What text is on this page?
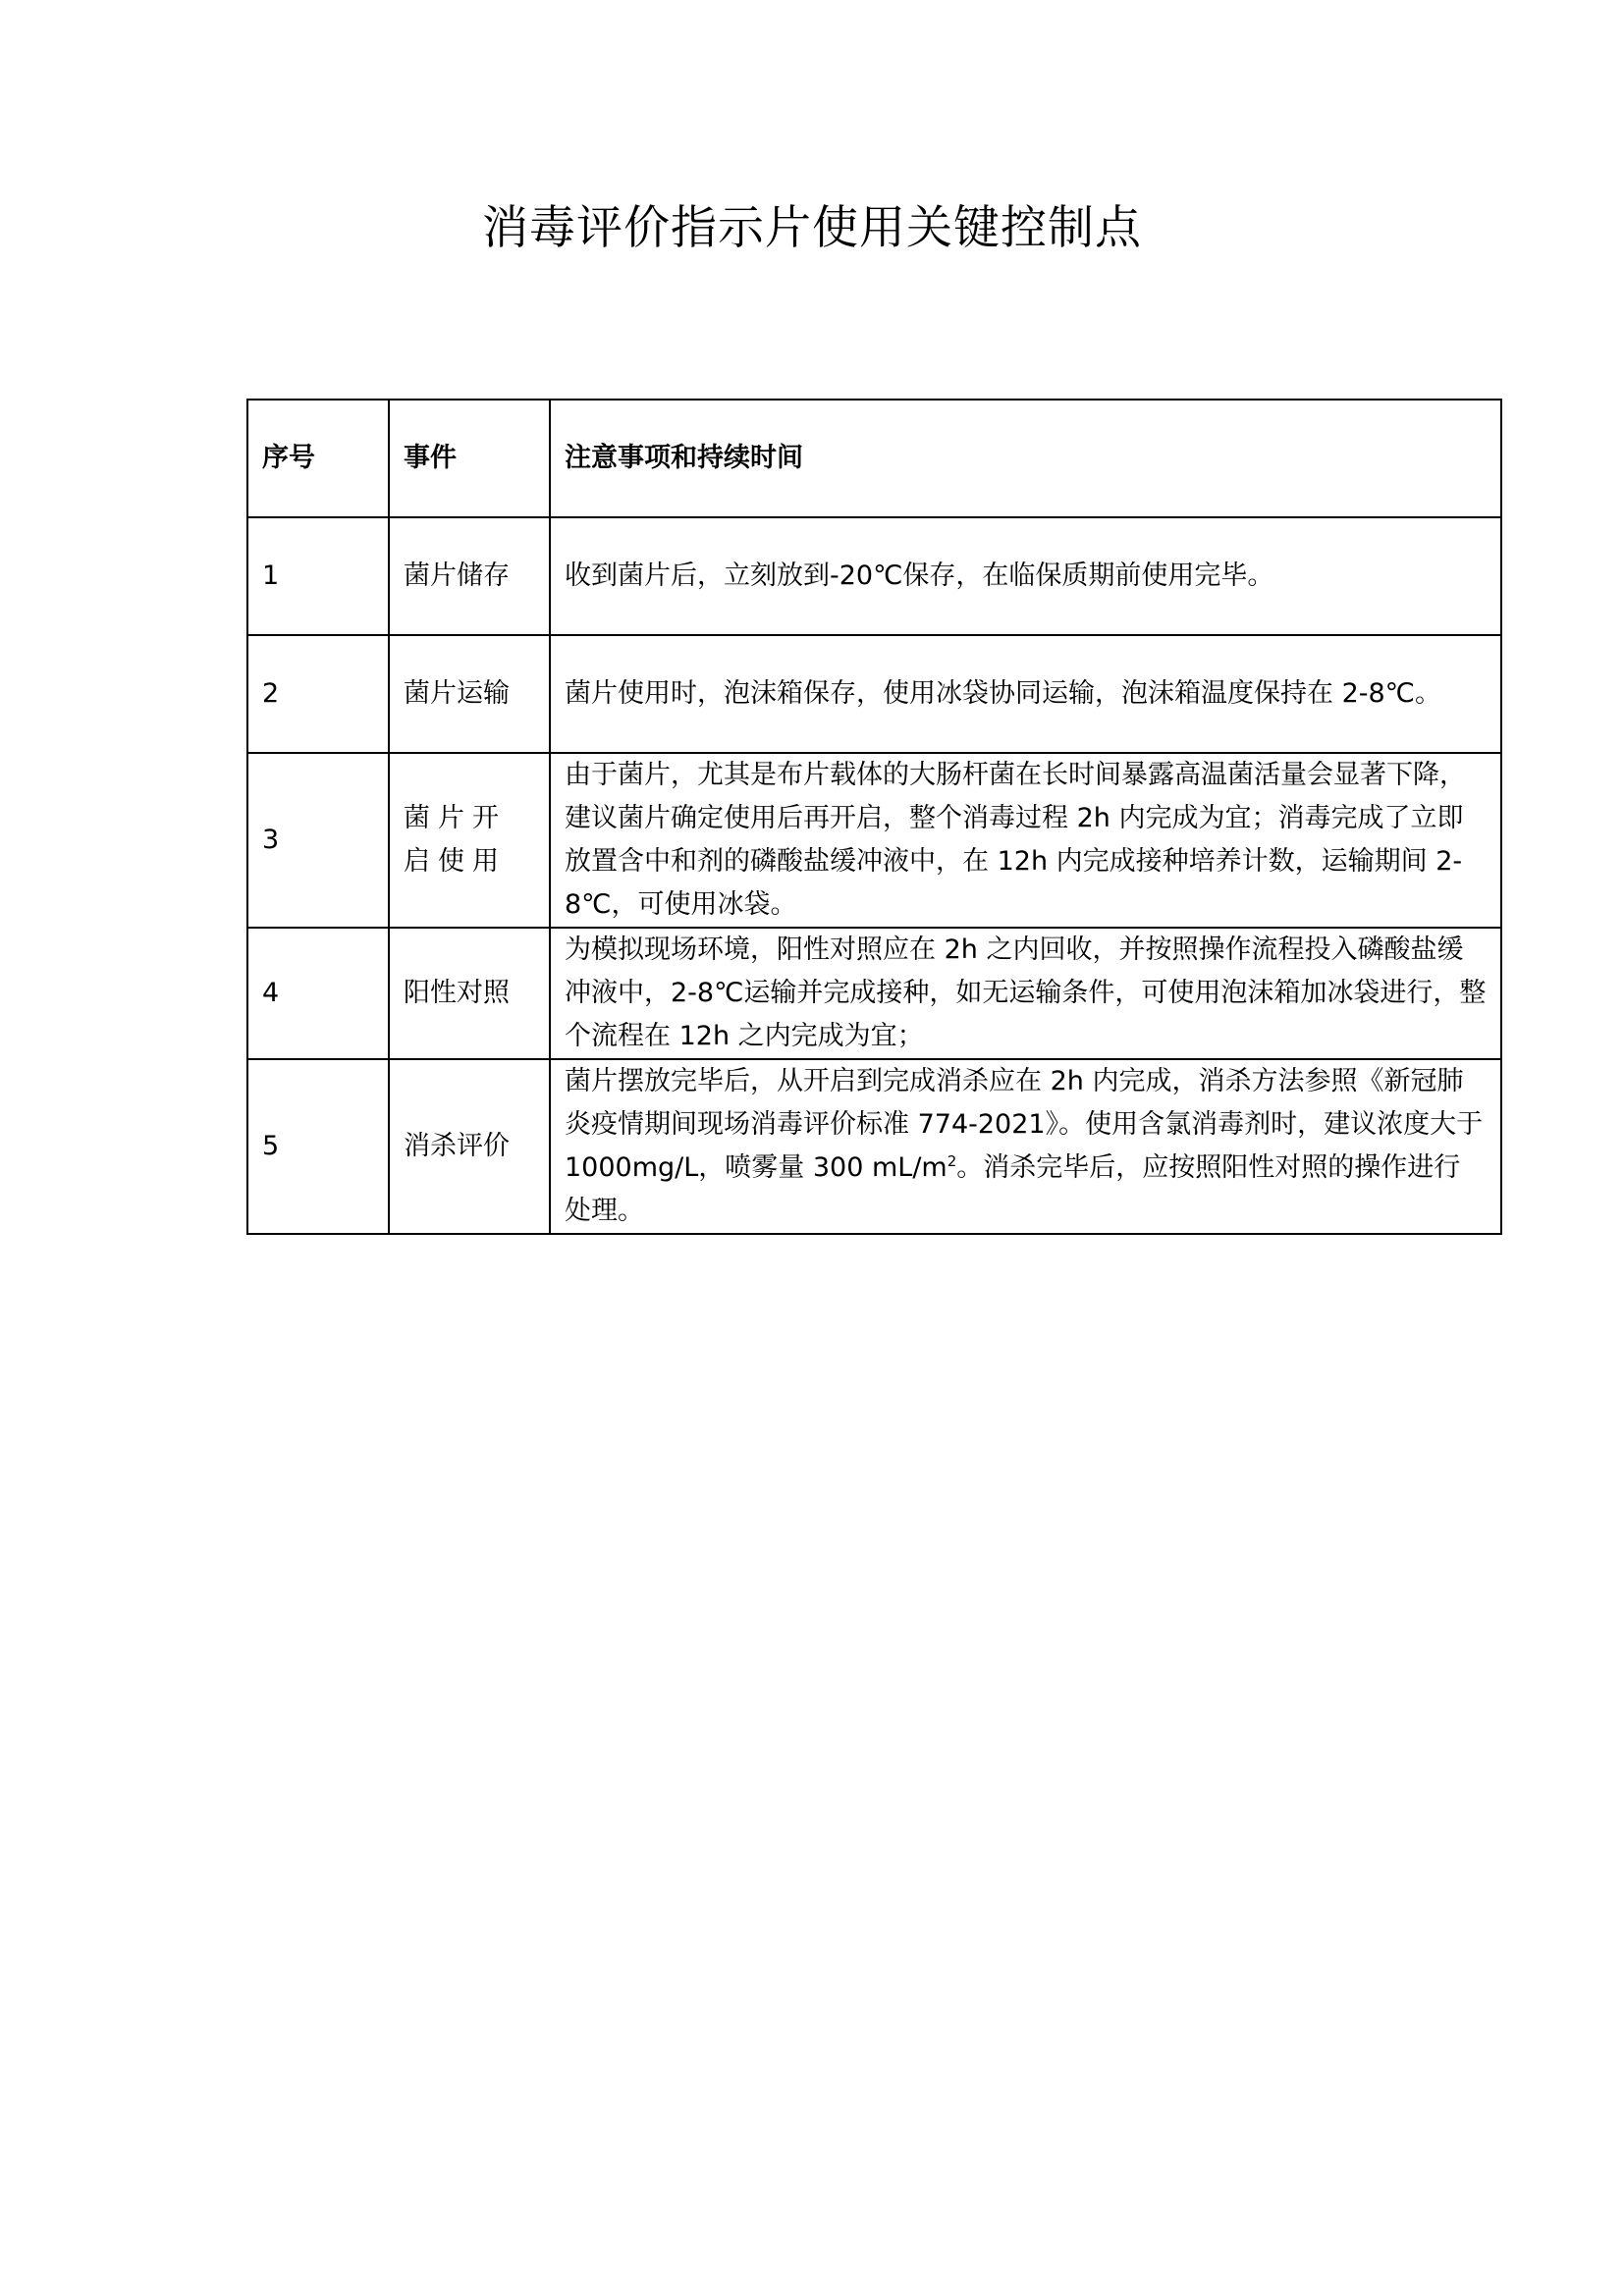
消毒评价指示片使用关键控制点
序号	事件	注意事项和持续时间
1	菌片储存	收到菌片后，立刻放到-20℃保存，在临保质期前使用完毕。
2	菌片运输	菌片使用时，泡沫箱保存，使用冰袋协同运输，泡沫箱温度保持在 2-8℃。
3	菌片开启使用	由于菌片，尤其是布片载体的大肠杆菌在长时间暴露高温菌活量会显著下降，建议菌片确定使用后再开启，整个消毒过程 2h 内完成为宜；消毒完成了立即放置含中和剂的磷酸盐缓冲液中，在 12h 内完成接种培养计数，运输期间 2-8℃，可使用冰袋。
4	阳性对照	为模拟现场环境，阳性对照应在 2h 之内回收，并按照操作流程投入磷酸盐缓冲液中，2-8℃运输并完成接种，如无运输条件，可使用泡沫箱加冰袋进行，整个流程在 12h 之内完成为宜；
5	消杀评价	菌片摆放完毕后，从开启到完成消杀应在 2h 内完成，消杀方法参照《新冠肺炎疫情期间现场消毒评价标准 774-2021》。使用含氯消毒剂时，建议浓度大于 1000mg/L，喷雾量 300 $mL/m^2$。消杀完毕后，应按照阳性对照的操作进行处理。
